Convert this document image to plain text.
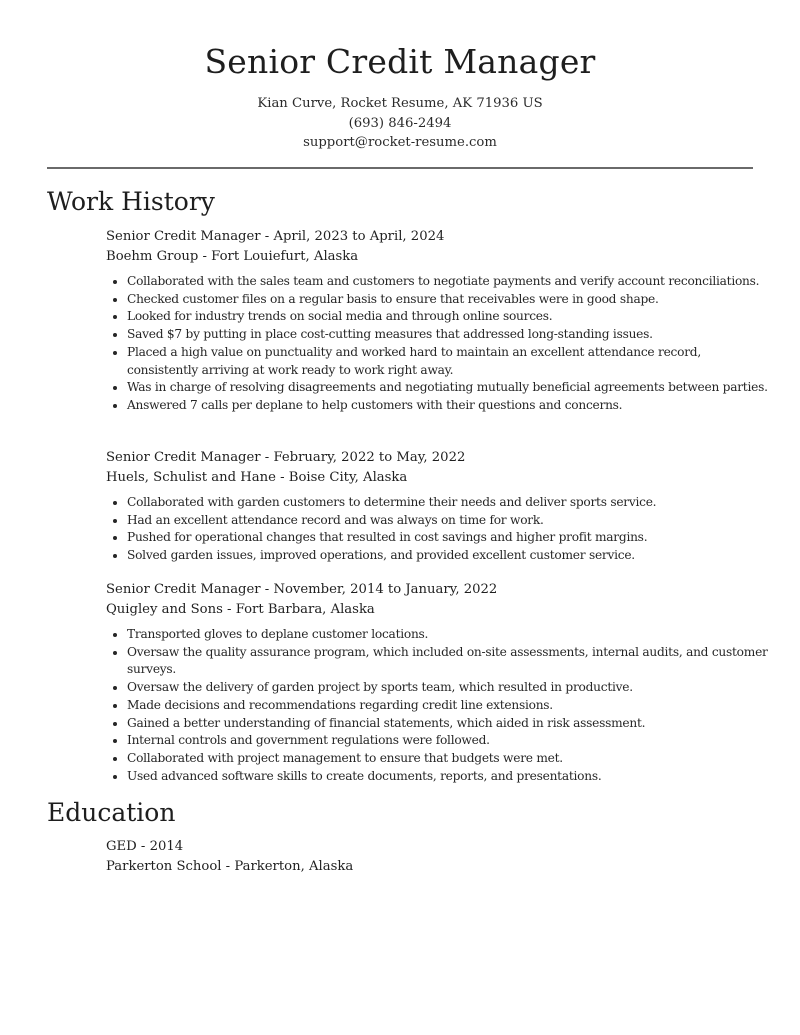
Senior Credit Manager
Kian Curve, Rocket Resume, AK 71936 US
(693) 846-2494
support@rocket-resume.com
Work History
Senior Credit Manager - April, 2023 to April, 2024
Boehm Group - Fort Louiefurt, Alaska
• Collaborated with the sales team and customers to negotiate payments and verify account reconciliations.
• Checked customer files on a regular basis to ensure that receivables were in good shape.
• Looked for industry trends on social media and through online sources.
• Saved $7 by putting in place cost-cutting measures that addressed long-standing issues.
• Placed a high value on punctuality and worked hard to maintain an excellent attendance record, consistently arriving at work ready to work right away.
• Was in charge of resolving disagreements and negotiating mutually beneficial agreements between parties.
• Answered 7 calls per deplane to help customers with their questions and concerns.
Senior Credit Manager - February, 2022 to May, 2022
Huels, Schulist and Hane - Boise City, Alaska
• Collaborated with garden customers to determine their needs and deliver sports service.
• Had an excellent attendance record and was always on time for work.
• Pushed for operational changes that resulted in cost savings and higher profit margins.
• Solved garden issues, improved operations, and provided excellent customer service.
Senior Credit Manager - November, 2014 to January, 2022
Quigley and Sons - Fort Barbara, Alaska
• Transported gloves to deplane customer locations.
• Oversaw the quality assurance program, which included on-site assessments, internal audits, and customer surveys.
• Oversaw the delivery of garden project by sports team, which resulted in productive.
• Made decisions and recommendations regarding credit line extensions.
• Gained a better understanding of financial statements, which aided in risk assessment.
• Internal controls and government regulations were followed.
• Collaborated with project management to ensure that budgets were met.
• Used advanced software skills to create documents, reports, and presentations.
Education
GED - 2014
Parkerton School - Parkerton, Alaska
